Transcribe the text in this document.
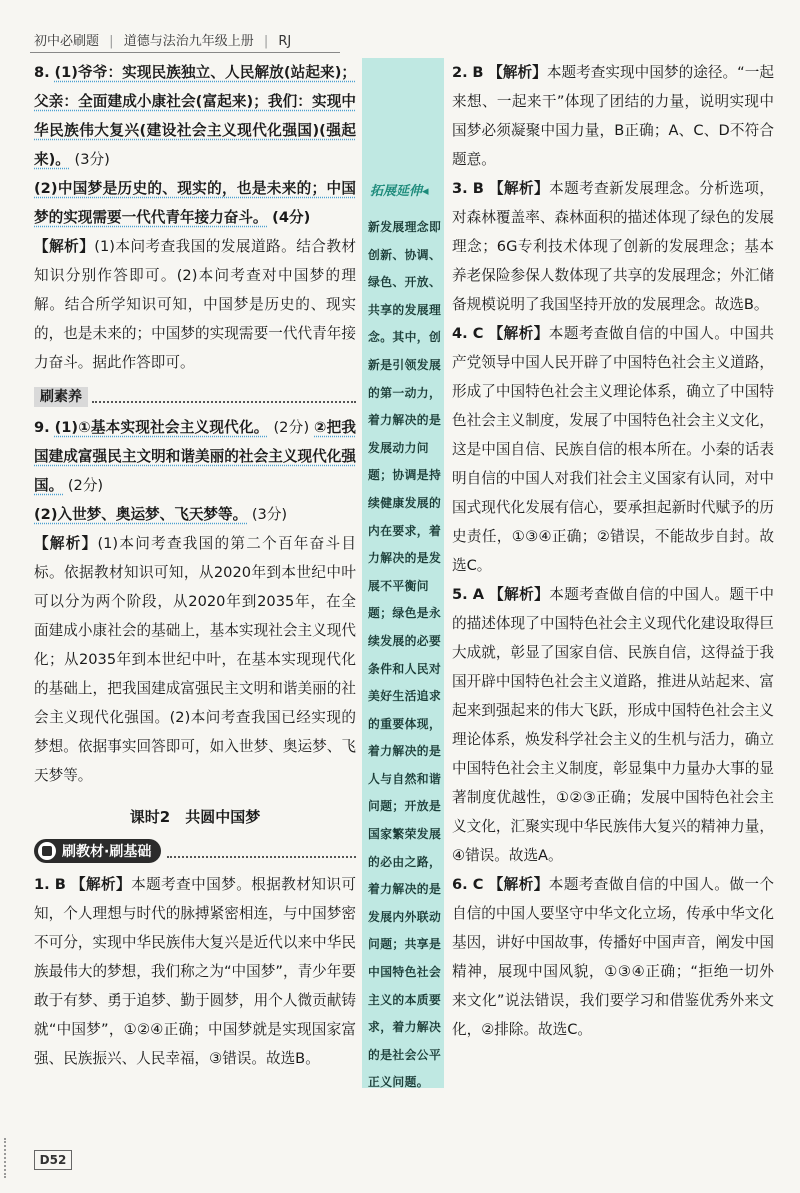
初中必刷题 | 道德与法治九年级上册 | RJ

8. (1)爷爷：实现民族独立、人民解放(站起来)；父亲：全面建成小康社会(富起来)；我们：实现中华民族伟大复兴(建设社会主义现代化强国)(强起来)。 (3分)

(2)中国梦是历史的、现实的，也是未来的；中国梦的实现需要一代代青年接力奋斗。 (4分)

【解析】(1)本问考查我国的发展道路。结合教材知识分别作答即可。(2)本问考查对中国梦的理解。结合所学知识可知，中国梦是历史的、现实的，也是未来的；中国梦的实现需要一代代青年接力奋斗。据此作答即可。

刷素养

9. (1)①基本实现社会主义现代化。 (2分) ②把我国建成富强民主文明和谐美丽的社会主义现代化强国。 (2分)

(2)入世梦、奥运梦、飞天梦等。 (3分)

【解析】(1)本问考查我国的第二个百年奋斗目标。依据教材知识可知，从2020年到本世纪中叶可以分为两个阶段，从2020年到2035年，在全面建成小康社会的基础上，基本实现社会主义现代化；从2035年到本世纪中叶，在基本实现现代化的基础上，把我国建成富强民主文明和谐美丽的社会主义现代化强国。(2)本问考查我国已经实现的梦想。依据事实回答即可，如入世梦、奥运梦、飞天梦等。

课时2　共圆中国梦
刷教材·刷基础

1. B 【解析】本题考查中国梦。根据教材知识可知，个人理想与时代的脉搏紧密相连，与中国梦密不可分，实现中华民族伟大复兴是近代以来中华民族最伟大的梦想，我们称之为“中国梦”，青少年要敢于有梦、勇于追梦、勤于圆梦，用个人微贡献铸就“中国梦”，①②④正确；中国梦就是实现国家富强、民族振兴、人民幸福，③错误。故选B。

拓展延伸◂

新发展理念即创新、协调、绿色、开放、共享的发展理念。其中，创新是引领发展的第一动力，着力解决的是发展动力问题；协调是持续健康发展的内在要求，着力解决的是发展不平衡问题；绿色是永续发展的必要条件和人民对美好生活追求的重要体现，着力解决的是人与自然和谐问题；开放是国家繁荣发展的必由之路，着力解决的是发展内外联动问题；共享是中国特色社会主义的本质要求，着力解决的是社会公平正义问题。

2. B 【解析】本题考查实现中国梦的途径。“一起来想、一起来干”体现了团结的力量，说明实现中国梦必须凝聚中国力量，B正确；A、C、D不符合题意。

3. B 【解析】本题考查新发展理念。分析选项，对森林覆盖率、森林面积的描述体现了绿色的发展理念；6G专利技术体现了创新的发展理念；基本养老保险参保人数体现了共享的发展理念；外汇储备规模说明了我国坚持开放的发展理念。故选B。

4. C 【解析】本题考查做自信的中国人。中国共产党领导中国人民开辟了中国特色社会主义道路，形成了中国特色社会主义理论体系，确立了中国特色社会主义制度，发展了中国特色社会主义文化，这是中国自信、民族自信的根本所在。小秦的话表明自信的中国人对我们社会主义国家有认同，对中国式现代化发展有信心，要承担起新时代赋予的历史责任，①③④正确；②错误，不能故步自封。故选C。

5. A 【解析】本题考查做自信的中国人。题干中的描述体现了中国特色社会主义现代化建设取得巨大成就，彰显了国家自信、民族自信，这得益于我国开辟中国特色社会主义道路，推进从站起来、富起来到强起来的伟大飞跃，形成中国特色社会主义理论体系，焕发科学社会主义的生机与活力，确立中国特色社会主义制度，彰显集中力量办大事的显著制度优越性，①②③正确；发展中国特色社会主义文化，汇聚实现中华民族伟大复兴的精神力量，④错误。故选A。

6. C 【解析】本题考查做自信的中国人。做一个自信的中国人要坚守中华文化立场，传承中华文化基因，讲好中国故事，传播好中国声音，阐发中国精神，展现中国风貌，①③④正确；“拒绝一切外来文化”说法错误，我们要学习和借鉴优秀外来文化，②排除。故选C。

D52
